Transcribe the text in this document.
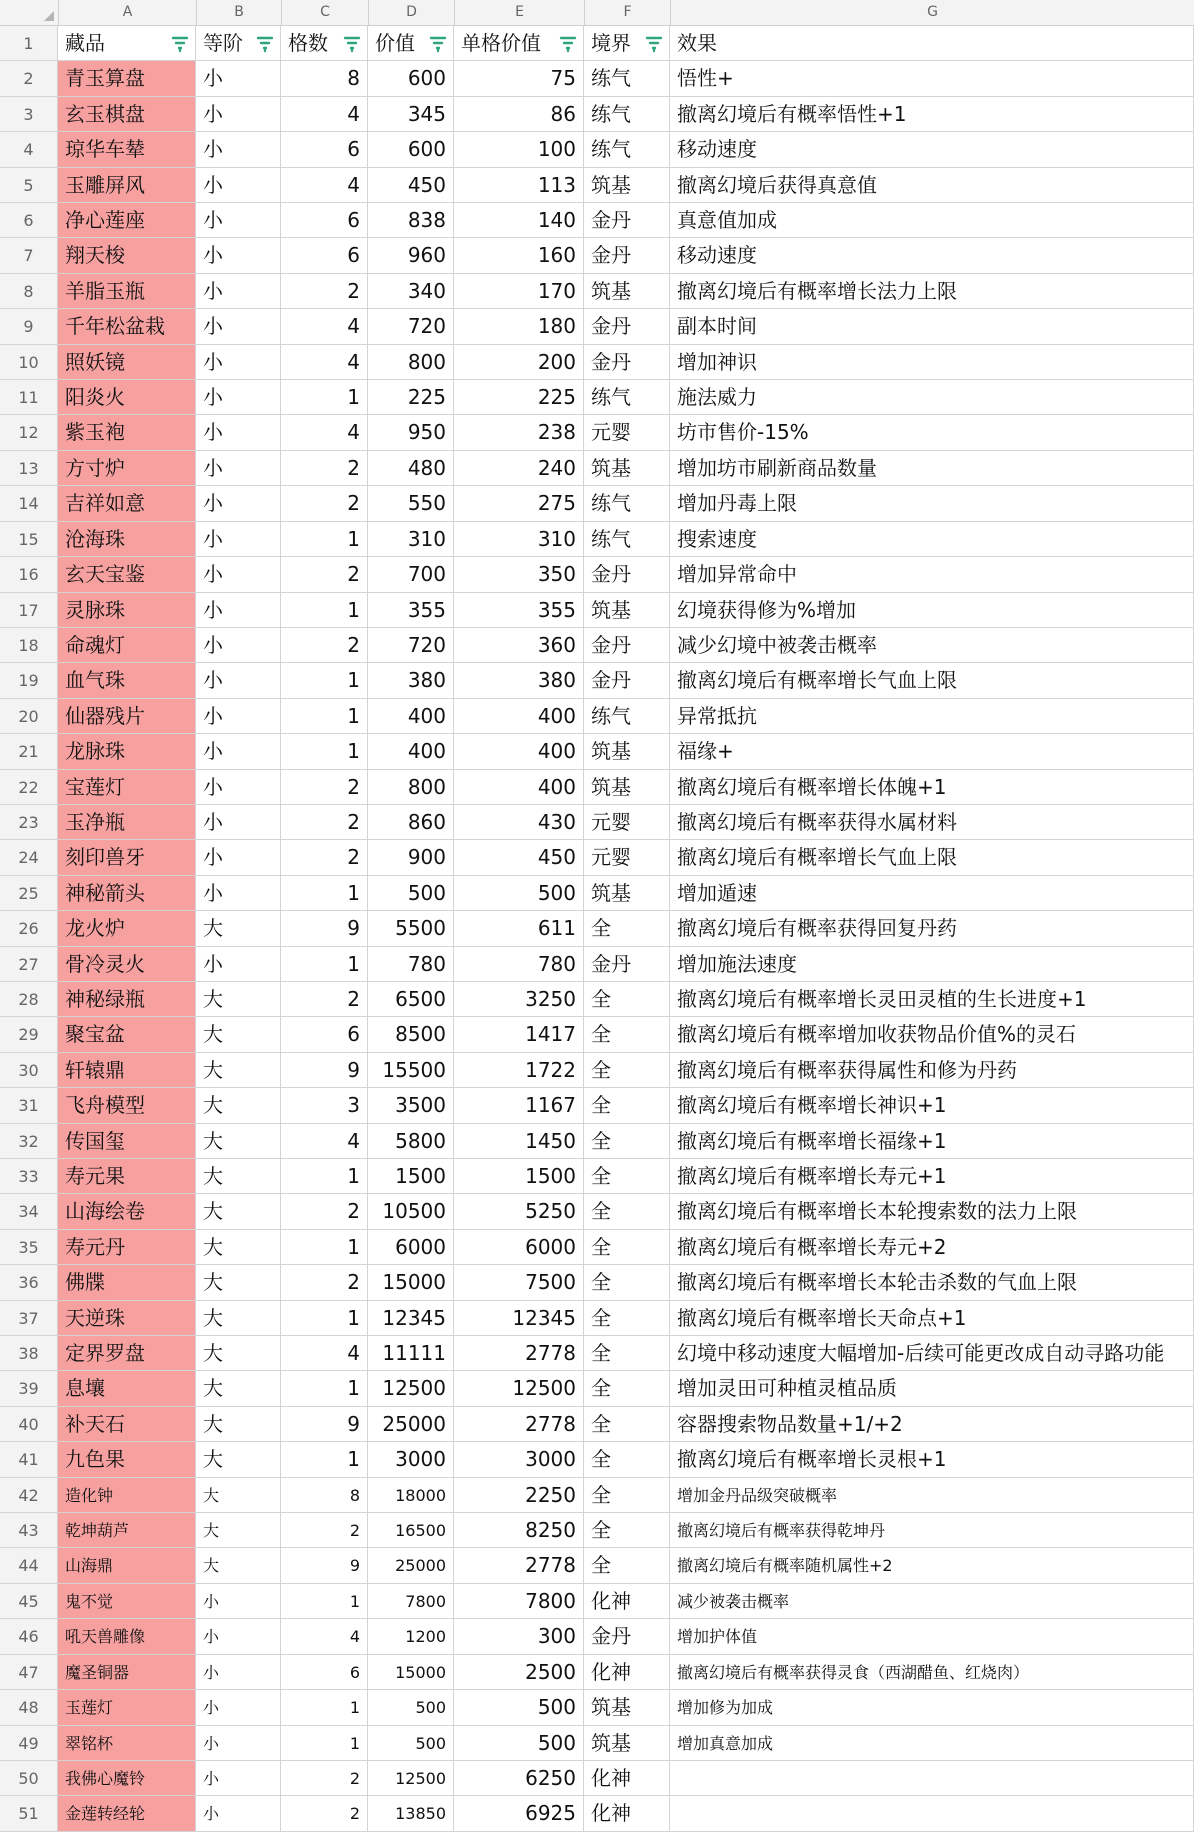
A	B	C	D	E	F	G
1	藏品	等阶	格数	价值	单格价值	境界	效果
2	青玉算盘	小	8	600	75 练气	悟性+
3	玄玉棋盘	小	4	345	86 练气	撤离幻境后有概率悟性+1
4	琼华车辇	小	6	600	100 练气	移动速度
5	玉雕屏风	小	4	450	113 筑基	撤离幻境后获得真意值
6	净心莲座	小	6	838	140 金丹	真意值加成
7	翔天梭	小	6	960	160 金丹	移动速度
8	羊脂玉瓶	小	2	340	170 筑基	撤离幻境后有概率增长法力上限
9	千年松盆栽	小	4	720	180 金丹	副本时间
10	照妖镜	小	4	800	200 金丹	增加神识
11	阳炎火	小	1	225	225 练气	施法威力
12	紫玉袍	小	4	950	238 元婴	坊市售价-15%
13	方寸炉	小	2	480	240 筑基	增加坊市刷新商品数量
14	吉祥如意	小	2	550	275 练气	增加丹毒上限
15	沧海珠	小	1	310	310 练气	搜索速度
16	玄天宝鉴	小	2	700	350 金丹	增加异常命中
17	灵脉珠	小	1	355	355 筑基	幻境获得修为%增加
18	命魂灯	小	2	720	360 金丹	减少幻境中被袭击概率
19	血气珠	小	1	380	380 金丹	撤离幻境后有概率增长气血上限
20	仙器残片	小	1	400	400 练气	异常抵抗
21	龙脉珠	小	1	400	400 筑基	福缘+
22	宝莲灯	小	2	800	400 筑基	撤离幻境后有概率增长体魄+1
23	玉净瓶	小	2	860	430 元婴	撤离幻境后有概率获得水属材料
24	刻印兽牙	小	2	900	450 元婴	撤离幻境后有概率增长气血上限
25	神秘箭头	小	1	500	500 筑基	增加遁速
26	龙火炉	大	9	5500	611 全	撤离幻境后有概率获得回复丹药
27	骨冷灵火	小	1	780	780 金丹	增加施法速度
28	神秘绿瓶	大	2	6500	3250 全	撤离幻境后有概率增长灵田灵植的生长进度+1
29	聚宝盆	大	6	8500	1417 全	撤离幻境后有概率增加收获物品价值%的灵石
30	轩辕鼎	大	9	15500	1722 全	撤离幻境后有概率获得属性和修为丹药
31	飞舟模型	大	3	3500	1167 全	撤离幻境后有概率增长神识+1
32	传国玺	大	4	5800	1450 全	撤离幻境后有概率增长福缘+1
33	寿元果	大	1	1500	1500 全	撤离幻境后有概率增长寿元+1
34	山海绘卷	大	2	10500	5250 全	撤离幻境后有概率增长本轮搜索数的法力上限
35	寿元丹	大	1	6000	6000 全	撤离幻境后有概率增长寿元+2
36	佛牒	大	2	15000	7500 全	撤离幻境后有概率增长本轮击杀数的气血上限
37	天逆珠	大	1	12345	12345 全	撤离幻境后有概率增长天命点+1
38	定界罗盘	大	4	11111	2778 全	幻境中移动速度大幅增加-后续可能更改成自动寻路功能
39	息壤	大	1	12500	12500 全	增加灵田可种植灵植品质
40	补天石	大	9	25000	2778 全	容器搜索物品数量+1/+2
41	九色果	大	1	3000	3000 全	撤离幻境后有概率增长灵根+1
42	造化钟	大	8	18000	2250 全	增加金丹品级突破概率
43	乾坤葫芦	大	2	16500	8250 全	撤离幻境后有概率获得乾坤丹
44	山海鼎	大	9	25000	2778 全	撤离幻境后有概率随机属性+2
45	鬼不觉	小	1	7800	7800 化神	减少被袭击概率
46	吼天兽雕像	小	4	1200	300 金丹	增加护体值
47	魔圣铜器	小	6	15000	2500 化神	撤离幻境后有概率获得灵食（西湖醋鱼、红烧肉）
48	玉莲灯	小	1	500	500 筑基	增加修为加成
49	翠铭杯	小	1	500	500 筑基	增加真意加成
50	我佛心魔铃	小	2	12500	6250 化神
51	金莲转经轮	小	2	13850	6925 化神
